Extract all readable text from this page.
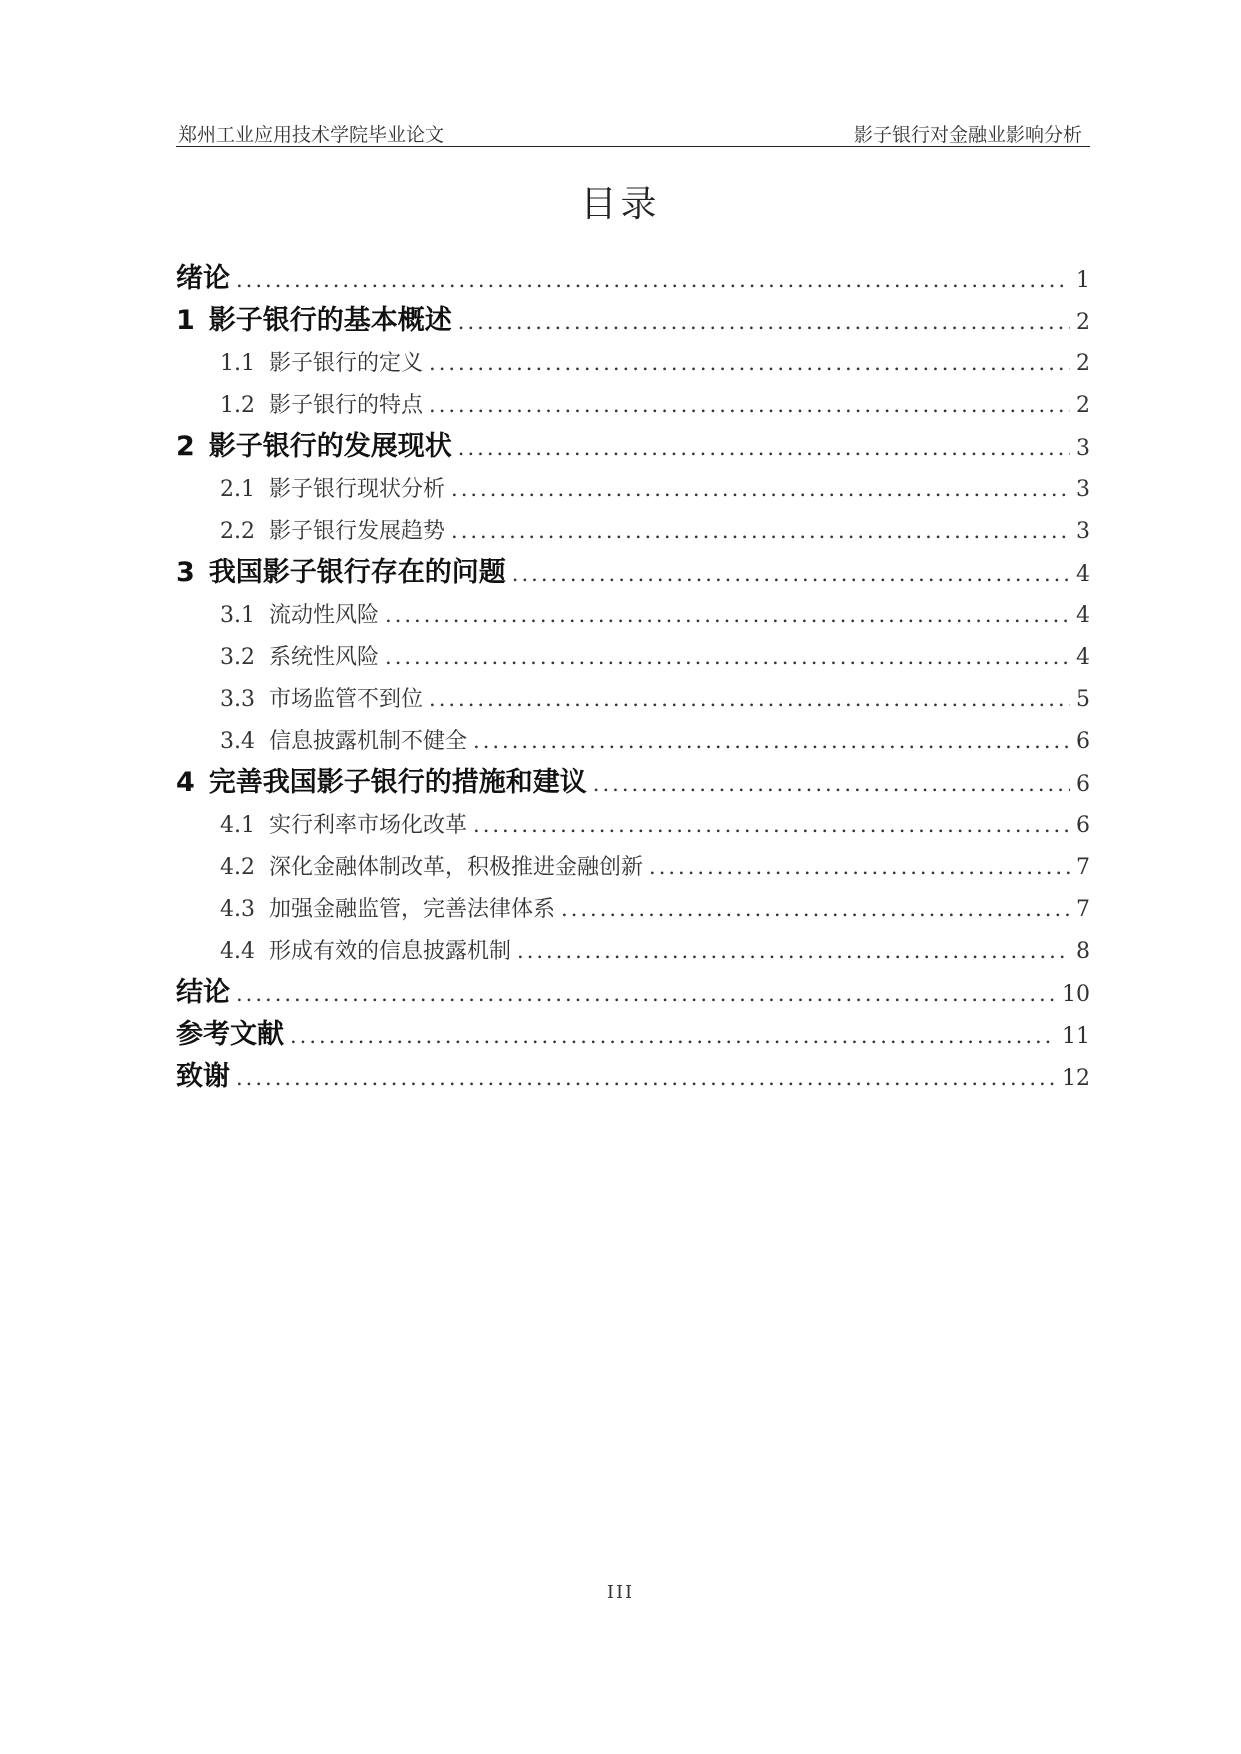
郑州工业应用技术学院毕业论文	影子银行对金融业影响分析
目录
绪论 .....	1
1 影子银行的基本概述 .....	2
1.1 影子银行的定义 .....	2
1.2 影子银行的特点 .....	2
2 影子银行的发展现状 .....	3
2.1 影子银行现状分析 .....	3
2.2 影子银行发展趋势 .....	3
3 我国影子银行存在的问题 .....	4
3.1 流动性风险 .....	4
3.2 系统性风险 .....	4
3.3 市场监管不到位 .....	5
3.4 信息披露机制不健全 .....	6
4 完善我国影子银行的措施和建议 .....	6
4.1 实行利率市场化改革 .....	6
4.2 深化金融体制改革，积极推进金融创新 .....	7
4.3 加强金融监管，完善法律体系 .....	7
4.4 形成有效的信息披露机制 .....	8
结论 .....	10
参考文献 .....	11
致谢 .....	12
III
